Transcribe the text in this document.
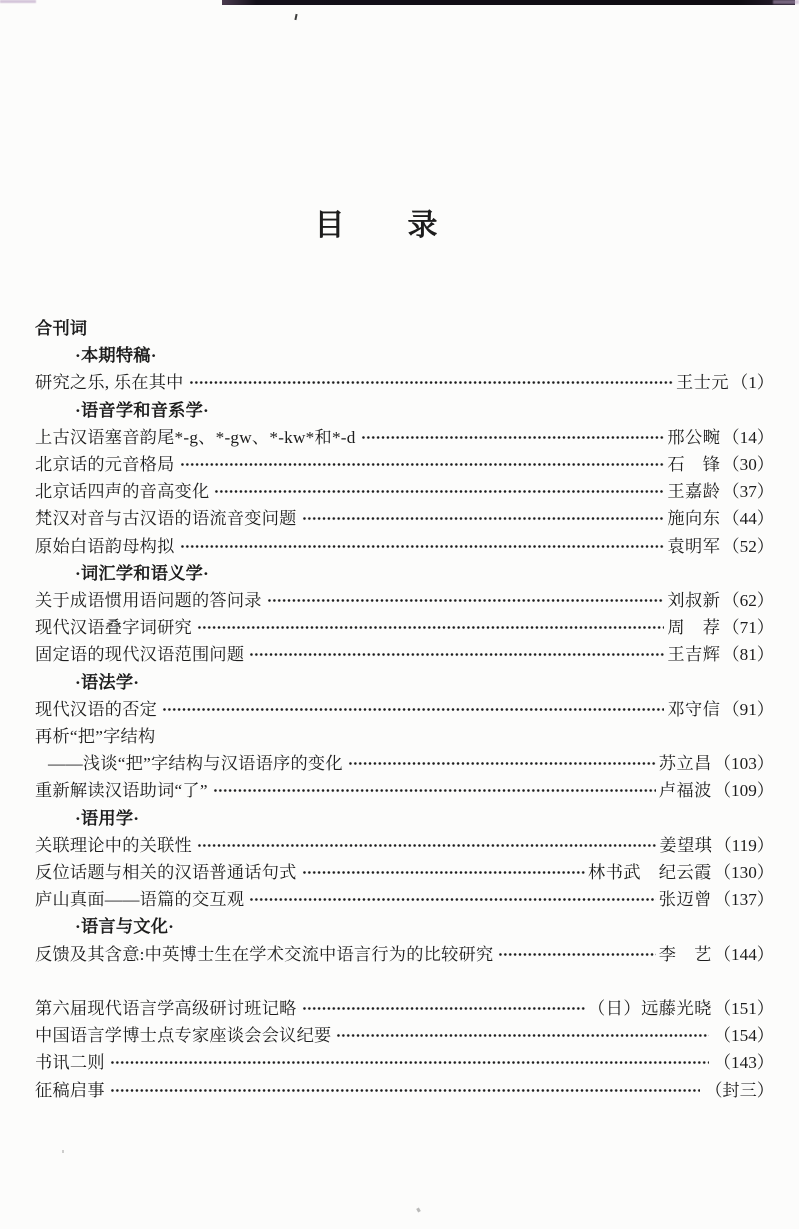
目　　录
合刊词
·本期特稿·
研究之乐, 乐在其中	王士元 （1）
·语音学和音系学·
上古汉语塞音韵尾*-g、*-gw、*-kw*和*-d	邢公畹 （14）
北京话的元音格局	石　锋 （30）
北京话四声的音高变化	王嘉龄 （37）
梵汉对音与古汉语的语流音变问题	施向东 （44）
原始白语韵母构拟	袁明军 （52）
·词汇学和语义学·
关于成语惯用语问题的答问录	刘叔新 （62）
现代汉语叠字词研究	周　荐 （71）
固定语的现代汉语范围问题	王吉辉 （81）
·语法学·
现代汉语的否定	邓守信 （91）
再析“把”字结构
——浅谈“把”字结构与汉语语序的变化	苏立昌 （103）
重新解读汉语助词“了”	卢福波 （109）
·语用学·
关联理论中的关联性	姜望琪 （119）
反位话题与相关的汉语普通话句式	林书武　纪云霞 （130）
庐山真面——语篇的交互观	张迈曾 （137）
·语言与文化·
反馈及其含意:中英博士生在学术交流中语言行为的比较研究	李　艺 （144）
第六届现代语言学高级研讨班记略	（日）远藤光晓 （151）
中国语言学博士点专家座谈会会议纪要	（154）
书讯二则	（143）
征稿启事	（封三）
